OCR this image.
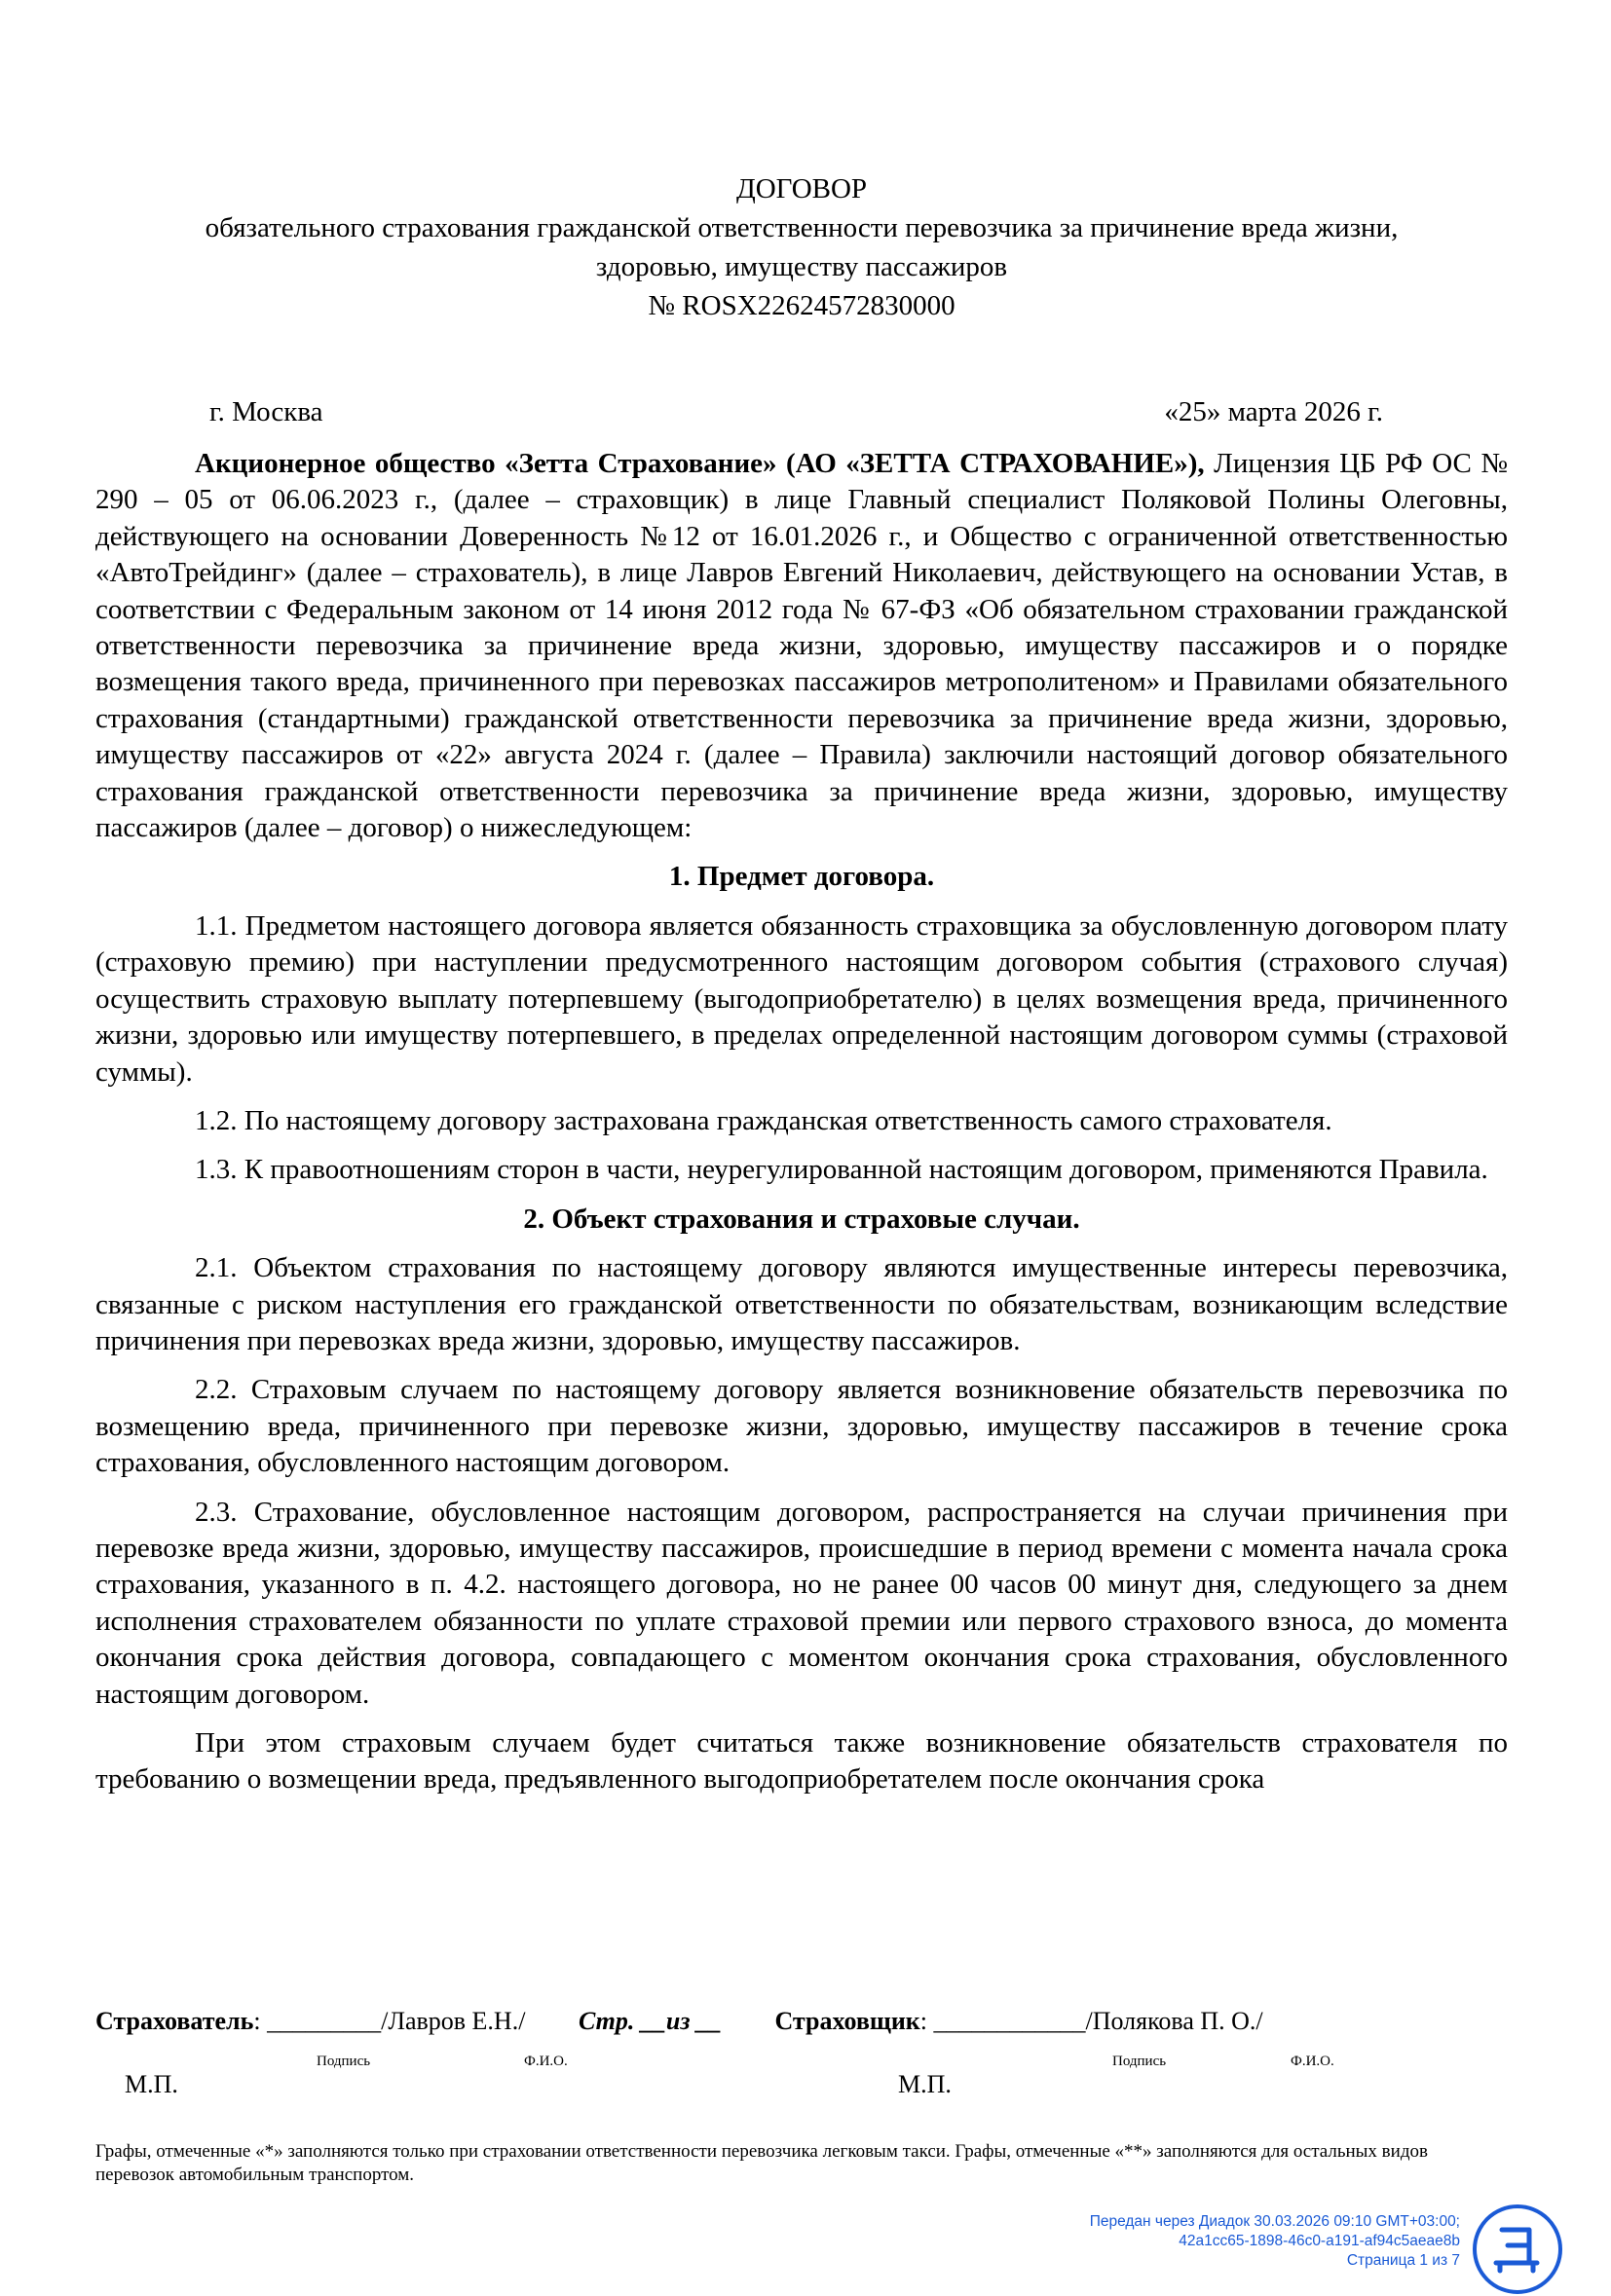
ДОГОВОР
обязательного страхования гражданской ответственности перевозчика за причинение вреда жизни,
здоровью, имуществу пассажиров
№ ROSX22624572830000
г. Москва	«25» марта 2026 г.
Акционерное общество «Зетта Страхование» (АО «ЗЕТТА СТРАХОВАНИЕ»), Лицензия ЦБ РФ ОС № 290 – 05 от 06.06.2023 г., (далее – страховщик) в лице Главный специалист Поляковой Полины Олеговны, действующего на основании Доверенность №12 от 16.01.2026 г., и Общество с ограниченной ответственностью «АвтоТрейдинг» (далее – страхователь), в лице Лавров Евгений Николаевич, действующего на основании Устав, в соответствии с Федеральным законом от 14 июня 2012 года № 67-ФЗ «Об обязательном страховании гражданской ответственности перевозчика за причинение вреда жизни, здоровью, имуществу пассажиров и о порядке возмещения такого вреда, причиненного при перевозках пассажиров метрополитеном» и Правилами обязательного страхования (стандартными) гражданской ответственности перевозчика за причинение вреда жизни, здоровью, имуществу пассажиров от «22» августа 2024 г. (далее – Правила) заключили настоящий договор обязательного страхования гражданской ответственности перевозчика за причинение вреда жизни, здоровью, имуществу пассажиров (далее – договор) о нижеследующем:
1. Предмет договора.
1.1. Предметом настоящего договора является обязанность страховщика за обусловленную договором плату (страховую премию) при наступлении предусмотренного настоящим договором события (страхового случая) осуществить страховую выплату потерпевшему (выгодоприобретателю) в целях возмещения вреда, причиненного жизни, здоровью или имуществу потерпевшего, в пределах определенной настоящим договором суммы (страховой суммы).
1.2. По настоящему договору застрахована гражданская ответственность самого страхователя.
1.3. К правоотношениям сторон в части, неурегулированной настоящим договором, применяются Правила.
2. Объект страхования и страховые случаи.
2.1. Объектом страхования по настоящему договору являются имущественные интересы перевозчика, связанные с риском наступления его гражданской ответственности по обязательствам, возникающим вследствие причинения при перевозках вреда жизни, здоровью, имуществу пассажиров.
2.2. Страховым случаем по настоящему договору является возникновение обязательств перевозчика по возмещению вреда, причиненного при перевозке жизни, здоровью, имуществу пассажиров в течение срока страхования, обусловленного настоящим договором.
2.3. Страхование, обусловленное настоящим договором, распространяется на случаи причинения при перевозке вреда жизни, здоровью, имуществу пассажиров, происшедшие в период времени с момента начала срока страхования, указанного в п. 4.2. настоящего договора, но не ранее 00 часов 00 минут дня, следующего за днем исполнения страхователем обязанности по уплате страховой премии или первого страхового взноса, до момента окончания срока действия договора, совпадающего с моментом окончания срока страхования, обусловленного настоящим договором.
При этом страховым случаем будет считаться также возникновение обязательств страхователя по требованию о возмещении вреда, предъявленного выгодоприобретателем после окончания срока
Страхователь: _________/Лавров Е.Н./ Стр. __из __ Страховщик: ____________/Полякова П. О./
Подпись	Ф.И.О.	Подпись	Ф.И.О.
М.П.	М.П.
Графы, отмеченные «*» заполняются только при страховании ответственности перевозчика легковым такси. Графы, отмеченные «**» заполняются для остальных видов перевозок автомобильным транспортом.
Передан через Диадок 30.03.2026 09:10 GMT+03:00;
42a1cc65-1898-46c0-a191-af94c5aeae8b
Страница 1 из 7
